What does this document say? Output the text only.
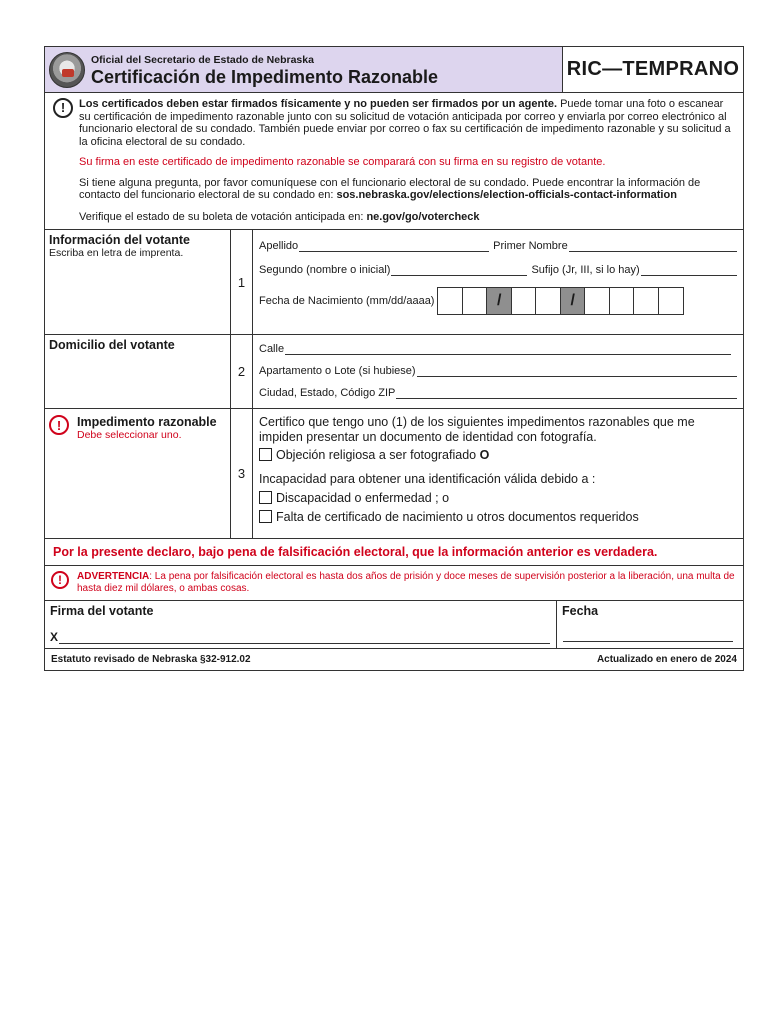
Oficial del Secretario de Estado de Nebraska
Certificación de Impedimento Razonable	RIC—TEMPRANO
!	Los certificados deben estar firmados físicamente y no pueden ser firmados por un agente. Puede tomar una foto o escanear su certificación de impedimento razonable junto con su solicitud de votación anticipada por correo y enviarla por correo electrónico al funcionario electoral de su condado. También puede enviar por correo o fax su certificación de impedimento razonable y su solicitud a la oficina electoral de su condado.

Su firma en este certificado de impedimento razonable se comparará con su firma en su registro de votante.

Si tiene alguna pregunta, por favor comuníquese con el funcionario electoral de su condado. Puede encontrar la información de contacto del funcionario electoral de su condado en: sos.nebraska.gov/elections/election-officials-contact-information

Verifique el estado de su boleta de votación anticipada en: ne.gov/go/votercheck

Información del votante
Escriba en letra de imprenta.
1
Apellido	Primer Nombre
Segundo (nombre o inicial)	Sufijo (Jr, III, si lo hay)
Fecha de Nacimiento (mm/dd/aaaa)	/	/
Domicilio del votante
2
Calle
Apartamento o Lote (si hubiese)
Ciudad, Estado, Código ZIP
!	Impedimento razonable
Debe seleccionar uno.
3
Certifico que tengo uno (1) de los siguientes impedimentos razonables que me impiden presentar un documento de identidad con fotografía.
Objeción religiosa a ser fotografiado O
Incapacidad para obtener una identificación válida debido a :
Discapacidad o enfermedad ; o
Falta de certificado de nacimiento u otros documentos requeridos
Por la presente declaro, bajo pena de falsificación electoral, que la información anterior es verdadera.
!	ADVERTENCIA: La pena por falsificación electoral es hasta dos años de prisión y doce meses de supervisión posterior a la liberación, una multa de hasta diez mil dólares, o ambas cosas.
Firma del votante
X
Fecha
Estatuto revisado de Nebraska §32-912.02	Actualizado en enero de 2024
